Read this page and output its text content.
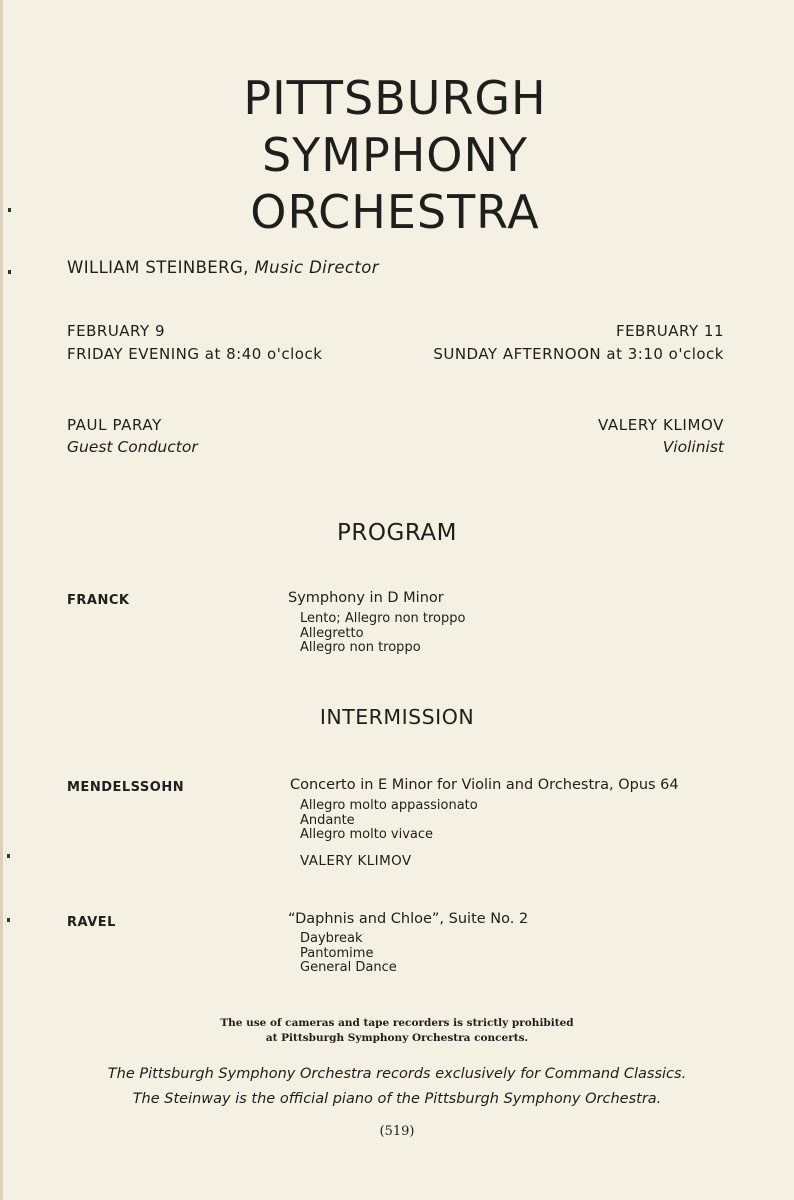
PITTSBURGH
SYMPHONY
ORCHESTRA
WILLIAM STEINBERG, Music Director
FEBRUARY 9
FRIDAY EVENING at 8:40 o'clock
FEBRUARY 11
SUNDAY AFTERNOON at 3:10 o'clock
PAUL PARAY
Guest Conductor
VALERY KLIMOV
Violinist
PROGRAM
FRANCK	Symphony in D Minor
Lento; Allegro non troppo
Allegretto
Allegro non troppo
INTERMISSION
MENDELSSOHN	Concerto in E Minor for Violin and Orchestra, Opus 64
Allegro molto appassionato
Andante
Allegro molto vivace
VALERY KLIMOV
RAVEL	“Daphnis and Chloe”, Suite No. 2
Daybreak
Pantomime
General Dance
The use of cameras and tape recorders is strictly prohibited
at Pittsburgh Symphony Orchestra concerts.
The Pittsburgh Symphony Orchestra records exclusively for Command Classics.
The Steinway is the official piano of the Pittsburgh Symphony Orchestra.
(519)
